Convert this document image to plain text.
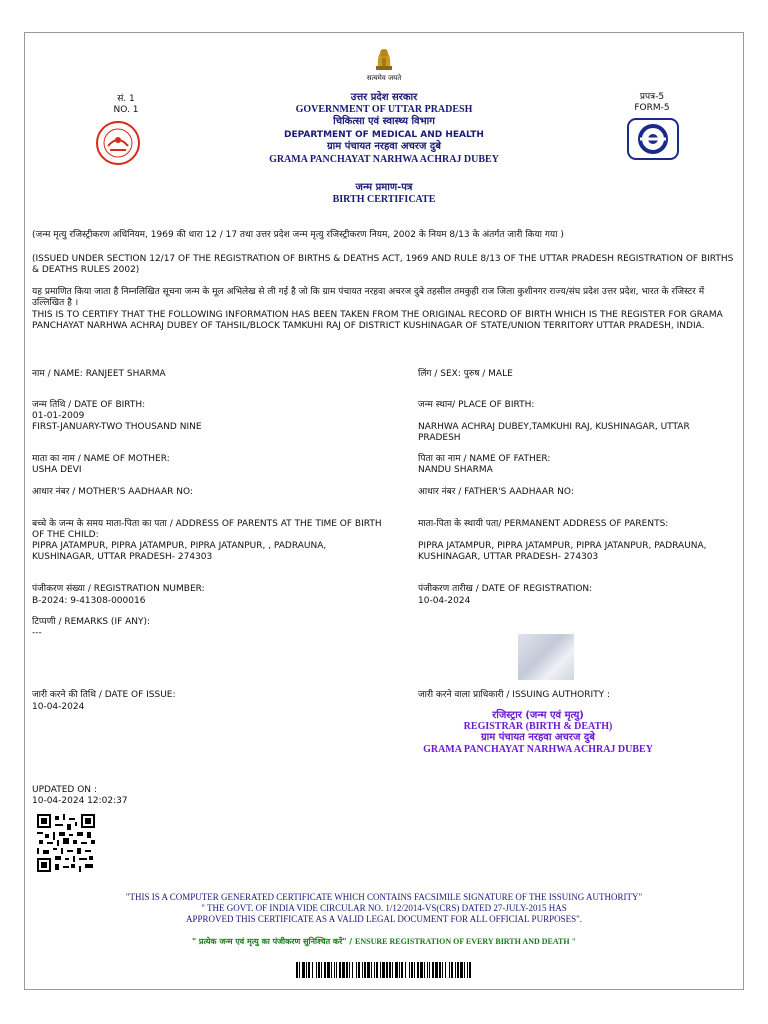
सं. 1
NO. 1
सत्यमेव जयते
उत्तर प्रदेश सरकार
GOVERNMENT OF UTTAR PRADESH
चिकित्सा एवं स्वास्थ्य विभाग
DEPARTMENT OF MEDICAL AND HEALTH
ग्राम पंचायत नरहवा अचरज दुबे
GRAMA PANCHAYAT NARHWA ACHRAJ DUBEY
प्रपत्र-5
FORM-5
जन्म प्रमाण-पत्र
BIRTH CERTIFICATE
(जन्म मृत्यु रजिस्ट्रीकरण अधिनियम, 1969 की धारा 12 / 17 तथा उत्तर प्रदेश जन्म मृत्यु रजिस्ट्रीकरण नियम, 2002 के नियम 8/13 के अंतर्गत जारी किया गया )
(ISSUED UNDER SECTION 12/17 OF THE REGISTRATION OF BIRTHS & DEATHS ACT, 1969 AND RULE 8/13 OF THE UTTAR PRADESH REGISTRATION OF BIRTHS & DEATHS RULES 2002)
यह प्रमाणित किया जाता है निम्नलिखित सूचना जन्म के मूल अभिलेख से ली गई है जो कि ग्राम पंचायत नरहवा अचरज दुबे तहसील तमकुही राज जिला कुशीनगर राज्य/संघ प्रदेश उत्तर प्रदेश, भारत के रजिस्टर में उल्लिखित है ।
THIS IS TO CERTIFY THAT THE FOLLOWING INFORMATION HAS BEEN TAKEN FROM THE ORIGINAL RECORD OF BIRTH WHICH IS THE REGISTER FOR GRAMA PANCHAYAT NARHWA ACHRAJ DUBEY OF TAHSIL/BLOCK TAMKUHI RAJ OF DISTRICT KUSHINAGAR OF STATE/UNION TERRITORY UTTAR PRADESH, INDIA.
नाम / NAME: RANJEET SHARMA
जन्म तिथि / DATE OF BIRTH:
01-01-2009
FIRST-JANUARY-TWO THOUSAND NINE
माता का नाम / NAME OF MOTHER:
USHA DEVI
आधार नंबर / MOTHER'S AADHAAR NO:
बच्चे के जन्म के समय माता-पिता का पता / ADDRESS OF PARENTS AT THE TIME OF BIRTH OF THE CHILD:
PIPRA JATAMPUR, PIPRA JATAMPUR, PIPRA JATANPUR, , PADRAUNA, KUSHINAGAR, UTTAR PRADESH- 274303
पंजीकरण संख्या / REGISTRATION NUMBER:
B-2024: 9-41308-000016
टिप्पणी / REMARKS (IF ANY):
---
जारी करने की तिथि / DATE OF ISSUE:
10-04-2024
लिंग / SEX: पुरुष / MALE
जन्म स्थान/ PLACE OF BIRTH:
NARHWA ACHRAJ DUBEY,TAMKUHI RAJ, KUSHINAGAR, UTTAR PRADESH
पिता का नाम / NAME OF FATHER:
NANDU SHARMA
आधार नंबर / FATHER'S AADHAAR NO:
माता-पिता के स्थायी पता/ PERMANENT ADDRESS OF PARENTS:
PIPRA JATAMPUR, PIPRA JATAMPUR, PIPRA JATANPUR, PADRAUNA, KUSHINAGAR, UTTAR PRADESH- 274303
पंजीकरण तारीख / DATE OF REGISTRATION:
10-04-2024
जारी करने वाला प्राधिकारी / ISSUING AUTHORITY :
रजिस्ट्रार (जन्म एवं मृत्यु)
REGISTRAR (BIRTH & DEATH)
ग्राम पंचायत नरहवा अचरज दुबे
GRAMA PANCHAYAT NARHWA ACHRAJ DUBEY
UPDATED ON :
10-04-2024 12:02:37
"THIS IS A COMPUTER GENERATED CERTIFICATE WHICH CONTAINS FACSIMILE SIGNATURE OF THE ISSUING AUTHORITY"
" THE GOVT. OF INDIA VIDE CIRCULAR NO. 1/12/2014-VS(CRS) DATED 27-JULY-2015 HAS
APPROVED THIS CERTIFICATE AS A VALID LEGAL DOCUMENT FOR ALL OFFICIAL PURPOSES".
" प्रत्येक जन्म एवं मृत्यु का पंजीकरण सुनिश्चित करें" / ENSURE REGISTRATION OF EVERY BIRTH AND DEATH "
